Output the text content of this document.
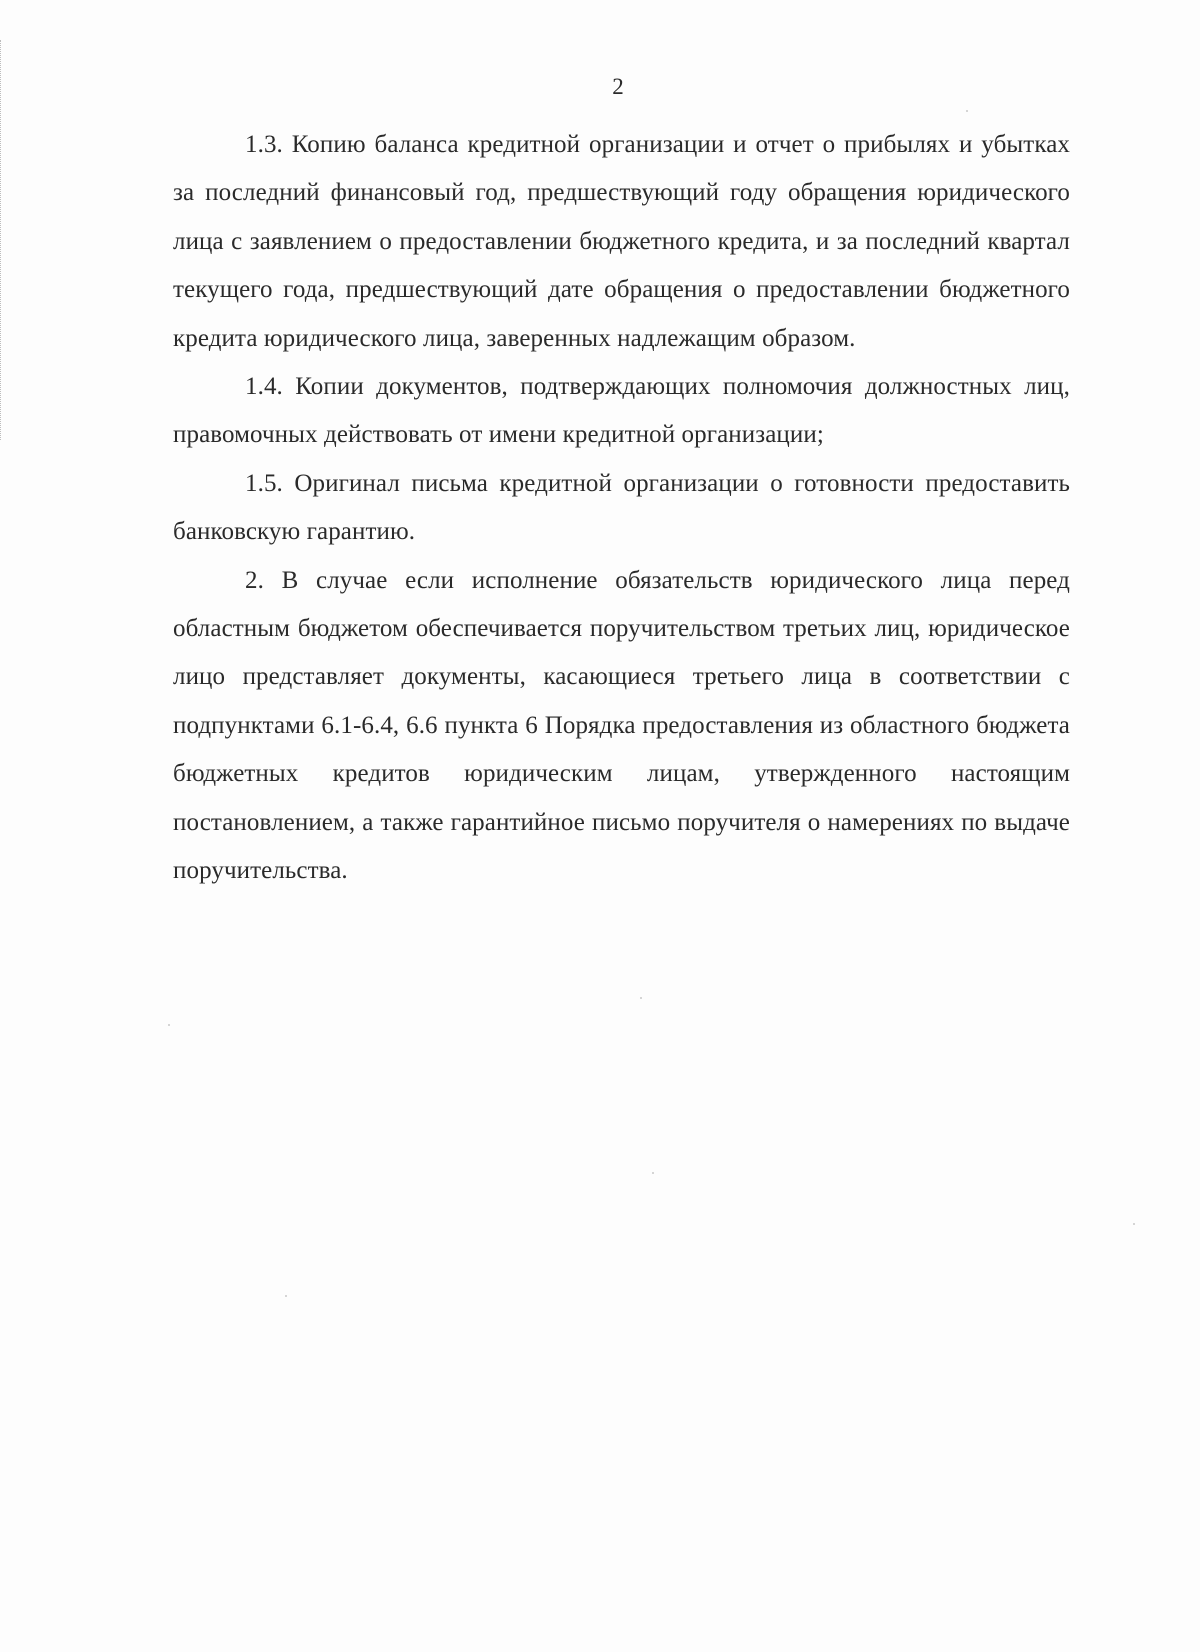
2

1.3. Копию баланса кредитной организации и отчет о прибылях и убытках за последний финансовый год, предшествующий году обращения юридического лица с заявлением о предоставлении бюджетного кредита, и за последний квартал текущего года, предшествующий дате обращения о предоставлении бюджетного кредита юридического лица, заверенных надлежащим образом.

1.4. Копии документов, подтверждающих полномочия должностных лиц, правомочных действовать от имени кредитной организации;

1.5. Оригинал письма кредитной организации о готовности предоставить банковскую гарантию.

2. В случае если исполнение обязательств юридического лица перед областным бюджетом обеспечивается поручительством третьих лиц, юридическое лицо представляет документы, касающиеся третьего лица в соответствии с подпунктами 6.1-6.4, 6.6 пункта 6 Порядка предоставления из областного бюджета бюджетных кредитов юридическим лицам, утвержденного настоящим постановлением, а также гарантийное письмо поручителя о намерениях по выдаче поручительства.
